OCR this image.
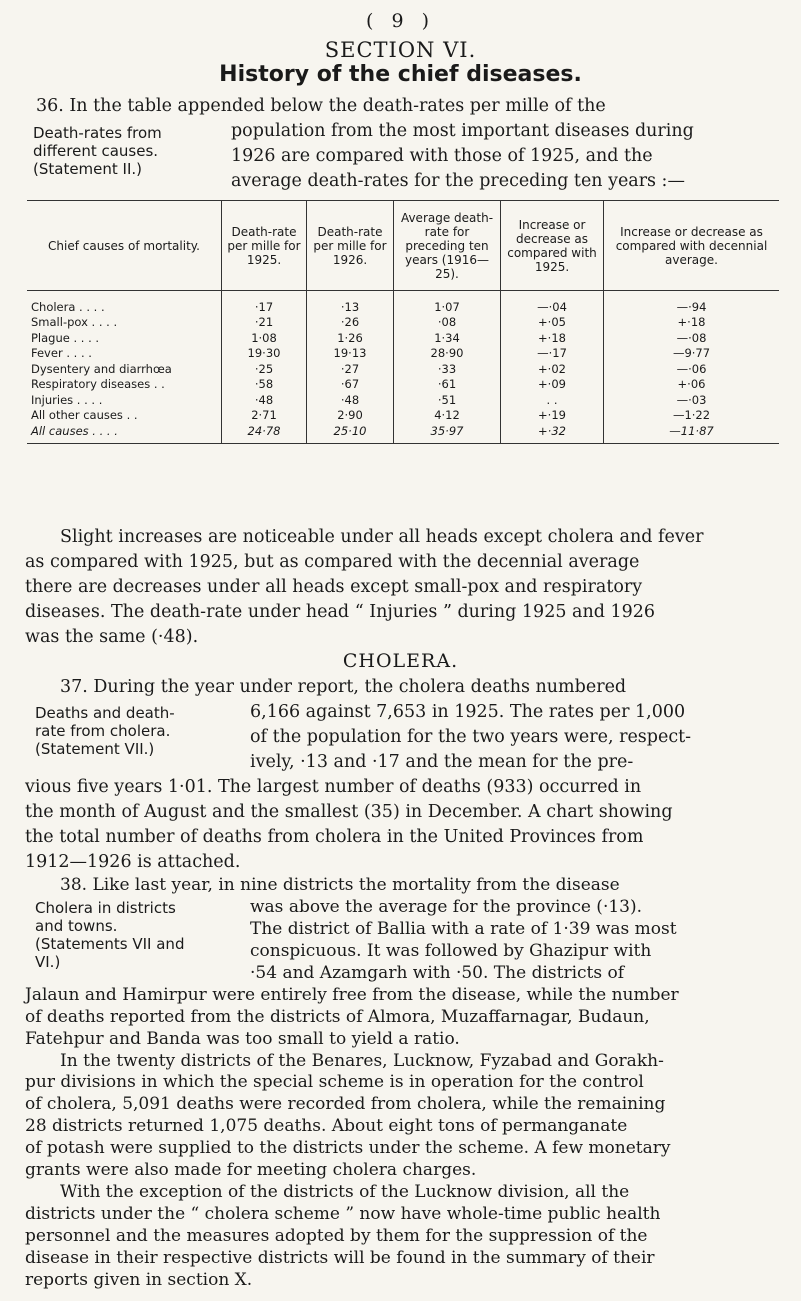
( 9 )
SECTION VI.
History of the chief diseases.
36. In the table appended below the death-rates per mille of the
population from the most important diseases during
1926 are compared with those of 1925, and the
average death-rates for the preceding ten years :—
Death-rates from
different causes.
(Statement II.)
Chief causes of mortality.	Death-rate per mille for 1925.	Death-rate per mille for 1926.	Average death-rate for preceding ten years (1916—25).	Increase or decrease as compared with 1925.	Increase or decrease as compared with decennial average.
Cholera . . . .	·17	·13	1·07	—·04	—·94
Small-pox . . . .	·21	·26	·08	+·05	+·18
Plague . . . .	1·08	1·26	1·34	+·18	—·08
Fever . . . .	19·30	19·13	28·90	—·17	—9·77
Dysentery and diarrhœa	·25	·27	·33	+·02	—·06
Respiratory diseases . .	·58	·67	·61	+·09	+·06
Injuries . . . .	·48	·48	·51	. .	—·03
All other causes . .	2·71	2·90	4·12	+·19	—1·22
All causes . . . .	24·78	25·10	35·97	+·32	—11·87
Slight increases are noticeable under all heads except cholera and fever
as compared with 1925, but as compared with the decennial average
there are decreases under all heads except small-pox and respiratory
diseases. The death-rate under head “ Injuries ” during 1925 and 1926
was the same (·48).
CHOLERA.
37. During the year under report, the cholera deaths numbered
6,166 against 7,653 in 1925. The rates per 1,000
of the population for the two years were, respect-
ively, ·13 and ·17 and the mean for the pre-
vious five years 1·01. The largest number of deaths (933) occurred in
the month of August and the smallest (35) in December. A chart showing
the total number of deaths from cholera in the United Provinces from
1912—1926 is attached.
Deaths and death-
rate from cholera.
(Statement VII.)
38. Like last year, in nine districts the mortality from the disease
was above the average for the province (·13).
The district of Ballia with a rate of 1·39 was most
conspicuous. It was followed by Ghazipur with
·54 and Azamgarh with ·50. The districts of
Jalaun and Hamirpur were entirely free from the disease, while the number
of deaths reported from the districts of Almora, Muzaffarnagar, Budaun,
Fatehpur and Banda was too small to yield a ratio.
In the twenty districts of the Benares, Lucknow, Fyzabad and Gorakh-
pur divisions in which the special scheme is in operation for the control
of cholera, 5,091 deaths were recorded from cholera, while the remaining
28 districts returned 1,075 deaths. About eight tons of permanganate
of potash were supplied to the districts under the scheme. A few monetary
grants were also made for meeting cholera charges.
With the exception of the districts of the Lucknow division, all the
districts under the “ cholera scheme ” now have whole-time public health
personnel and the measures adopted by them for the suppression of the
Cholera in districts
and towns.
(Statements VII and
VI.)
disease in their respective districts will be found in the summary of their
reports given in section X.
